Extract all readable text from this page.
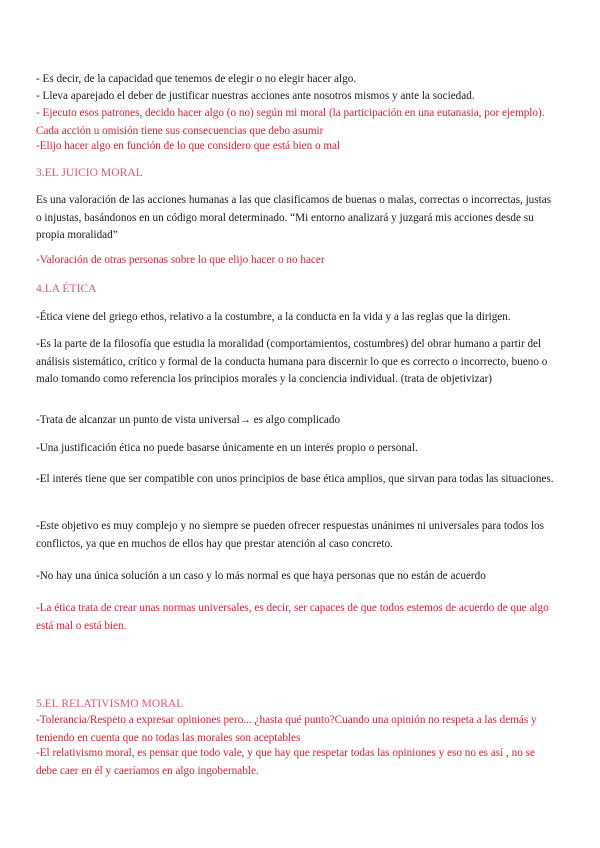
- Es decir, de la capacidad que tenemos de elegir o no elegir hacer algo.

- Lleva aparejado el deber de justificar nuestras acciones ante nosotros mismos y ante la sociedad.

- Ejecuto esos patrones, decido hacer algo (o no) según mi moral (la participación en una eutanasia, por ejemplo). Cada acción u omisión tiene sus consecuencias que debo asumir

-Elijo hacer algo en función de lo que considero que está bien o mal

3.EL JUICIO MORAL

Es una valoración de las acciones humanas a las que clasificamos de buenas o malas, correctas o incorrectas, justas o injustas, basándonos en un código moral determinado. “Mi entorno analizará y juzgará mis acciones desde su propia moralidad”

-Valoración de otras personas sobre lo que elijo hacer o no hacer

4.LA ÉTICA

-Ética viene del griego ethos, relativo a la costumbre, a la conducta en la vida y a las reglas que la dirigen.

-Es la parte de la filosofía que estudia la moralidad (comportamientos, costumbres) del obrar humano a partir del análisis sistemático, crítico y formal de la conducta humana para discernir lo que es correcto o incorrecto, bueno o malo tomando como referencia los principios morales y la conciencia individual. (trata de objetivizar)

-Trata de alcanzar un punto de vista universal→ es algo complicado

-Una justificación ética no puede basarse únicamente en un interés propio o personal.

-El interés tiene que ser compatible con unos principios de base ética amplios, que sirvan para todas las situaciones.

-Este objetivo es muy complejo y no siempre se pueden ofrecer respuestas unánimes ni universales para todos los conflictos, ya que en muchos de ellos hay que prestar atención al caso concreto.

-No hay una única solución a un caso y lo más normal es que haya personas que no están de acuerdo

-La ética trata de crear unas normas universales, es decir, ser capaces de que todos estemos de acuerdo de que algo está mal o está bien.

5.EL RELATIVISMO MORAL

-Tolerancia/Respeto a expresar opiniones pero... ¿hasta qué punto?Cuando una opinión no respeta a las demás y teniendo en cuenta que no todas las morales son aceptables

-El relativismo moral, es pensar que todo vale, y que hay que respetar todas las opiniones y eso no es así , no se debe caer en él y caeríamos en algo ingobernable.
